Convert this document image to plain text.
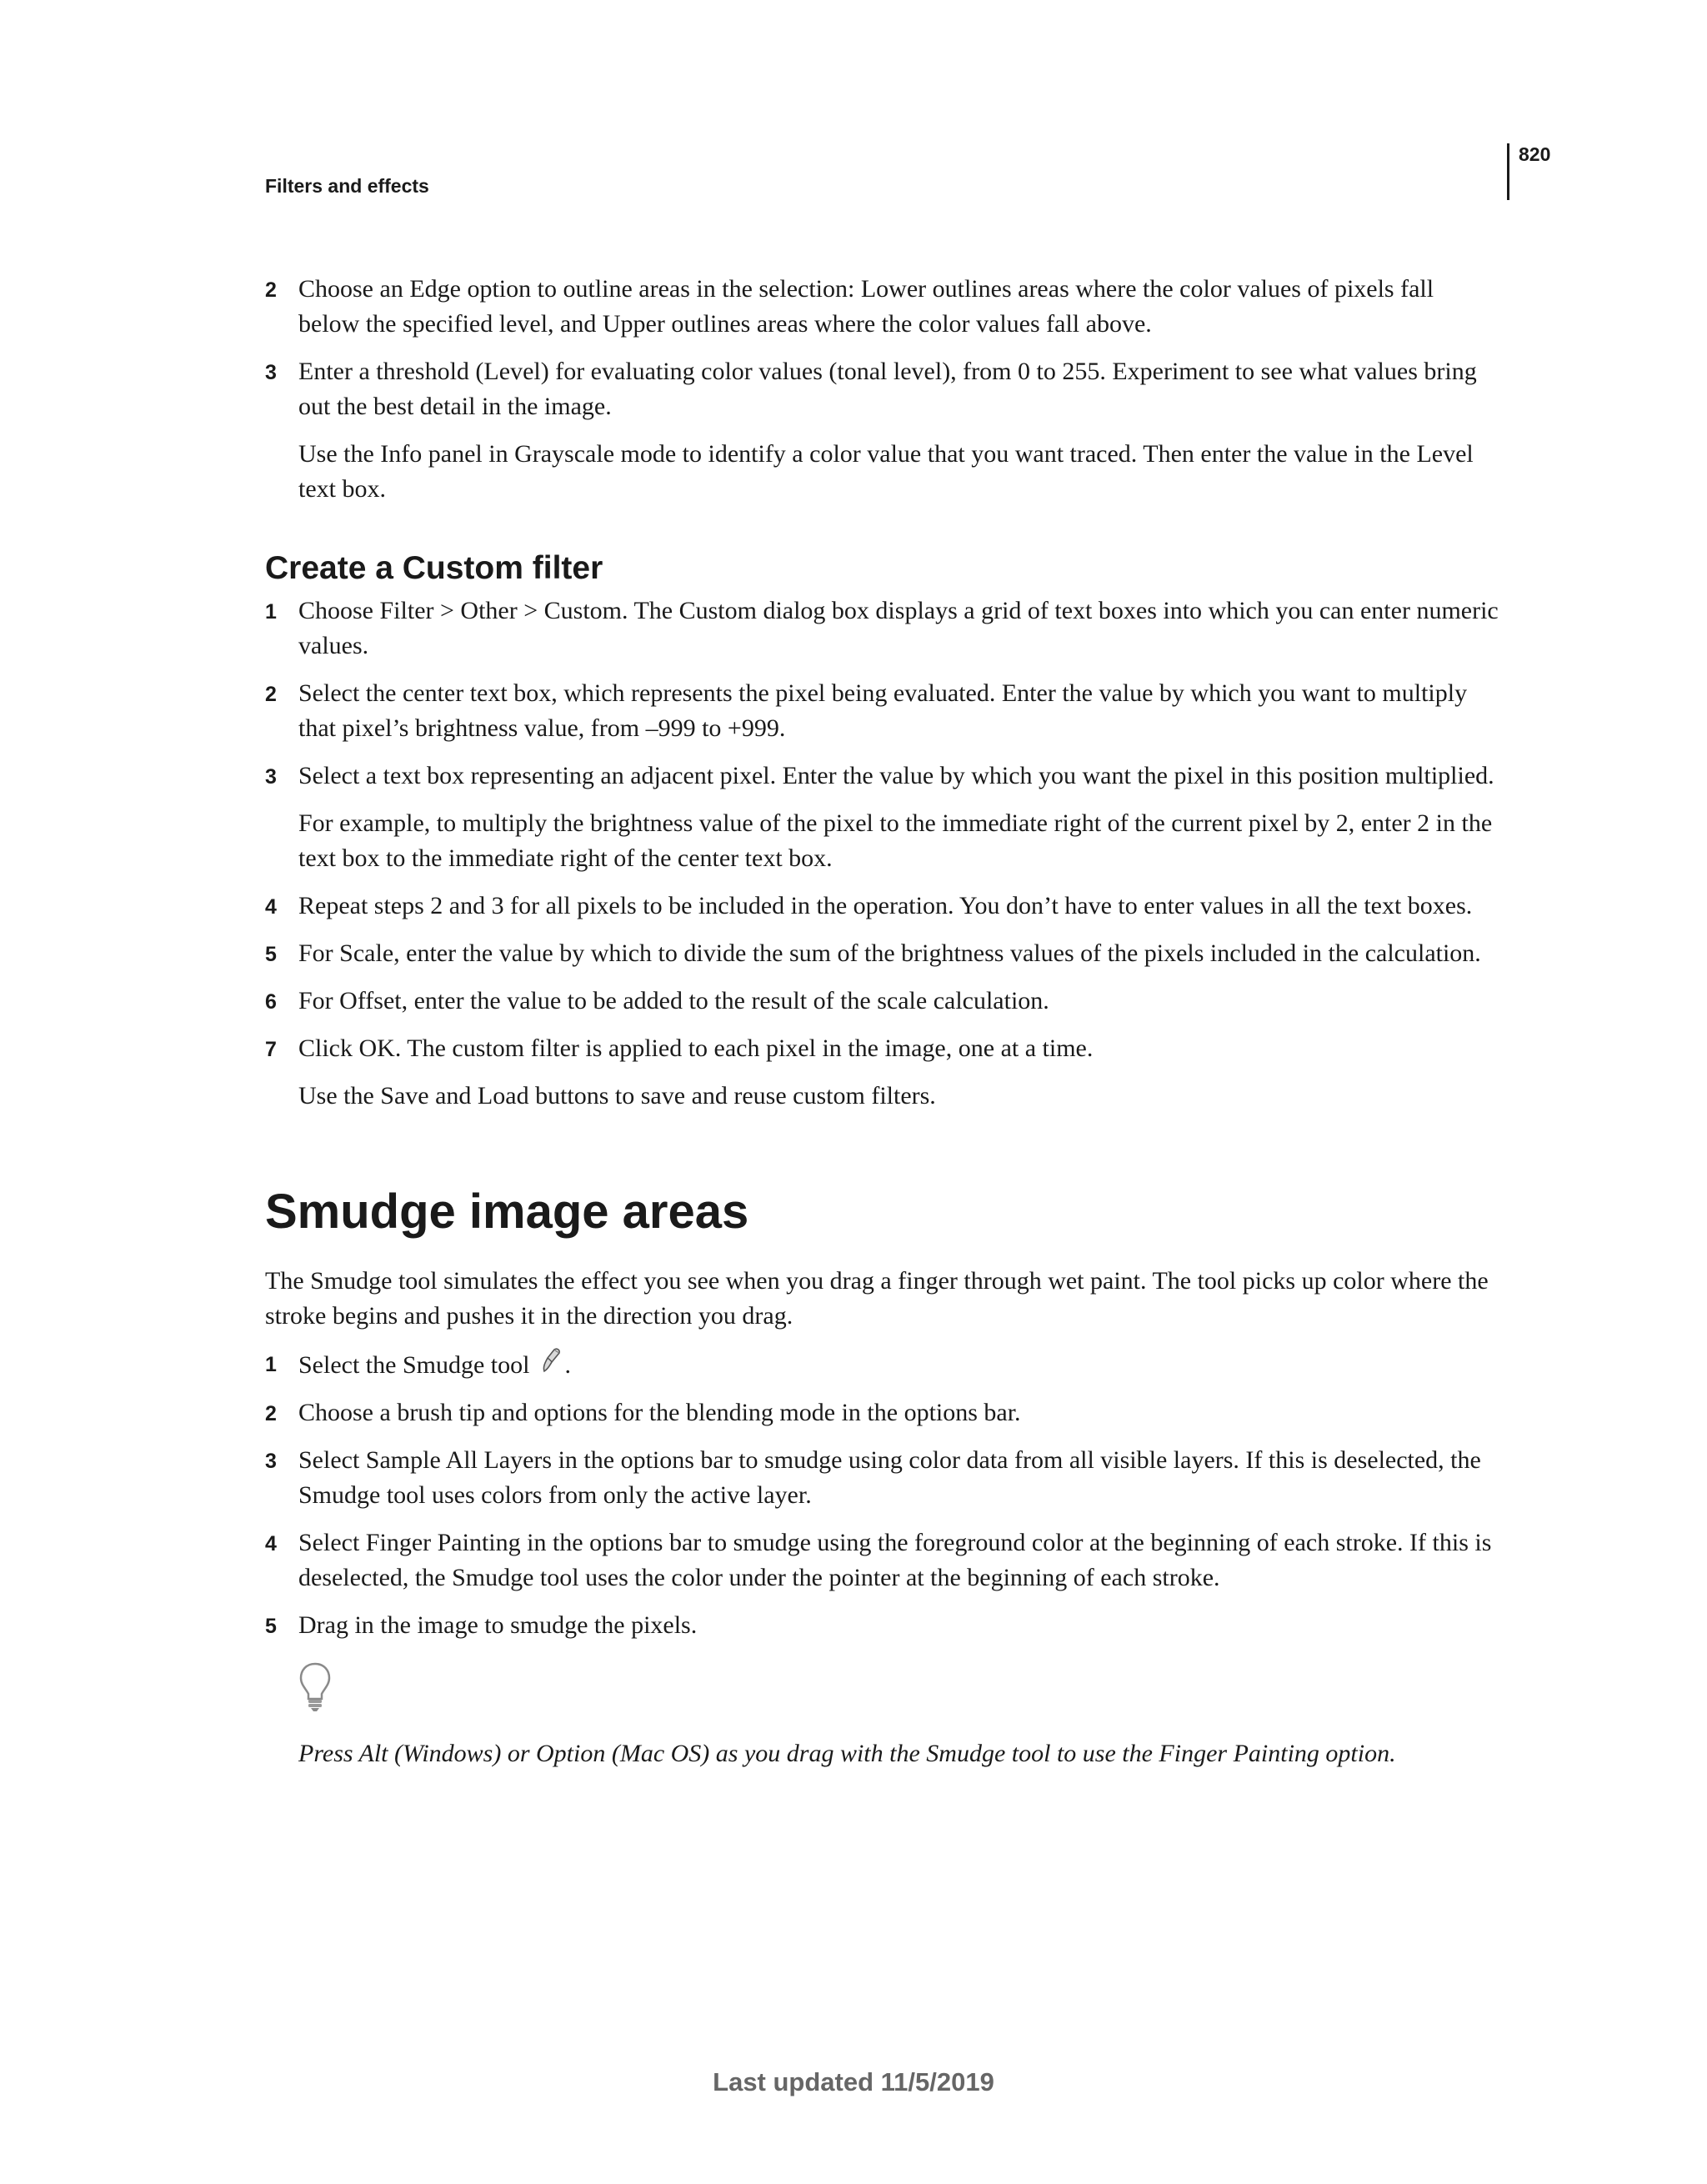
Filters and effects
820
2 Choose an Edge option to outline areas in the selection: Lower outlines areas where the color values of pixels fall below the specified level, and Upper outlines areas where the color values fall above.
3 Enter a threshold (Level) for evaluating color values (tonal level), from 0 to 255. Experiment to see what values bring out the best detail in the image.
Use the Info panel in Grayscale mode to identify a color value that you want traced. Then enter the value in the Level text box.
Create a Custom filter
1 Choose Filter > Other > Custom. The Custom dialog box displays a grid of text boxes into which you can enter numeric values.
2 Select the center text box, which represents the pixel being evaluated. Enter the value by which you want to multiply that pixel’s brightness value, from –999 to +999.
3 Select a text box representing an adjacent pixel. Enter the value by which you want the pixel in this position multiplied.
For example, to multiply the brightness value of the pixel to the immediate right of the current pixel by 2, enter 2 in the text box to the immediate right of the center text box.
4 Repeat steps 2 and 3 for all pixels to be included in the operation. You don’t have to enter values in all the text boxes.
5 For Scale, enter the value by which to divide the sum of the brightness values of the pixels included in the calculation.
6 For Offset, enter the value to be added to the result of the scale calculation.
7 Click OK. The custom filter is applied to each pixel in the image, one at a time.
Use the Save and Load buttons to save and reuse custom filters.
Smudge image areas
The Smudge tool simulates the effect you see when you drag a finger through wet paint. The tool picks up color where the stroke begins and pushes it in the direction you drag.
1 Select the Smudge tool .
2 Choose a brush tip and options for the blending mode in the options bar.
3 Select Sample All Layers in the options bar to smudge using color data from all visible layers. If this is deselected, the Smudge tool uses colors from only the active layer.
4 Select Finger Painting in the options bar to smudge using the foreground color at the beginning of each stroke. If this is deselected, the Smudge tool uses the color under the pointer at the beginning of each stroke.
5 Drag in the image to smudge the pixels.
Press Alt (Windows) or Option (Mac OS) as you drag with the Smudge tool to use the Finger Painting option.
Last updated 11/5/2019
